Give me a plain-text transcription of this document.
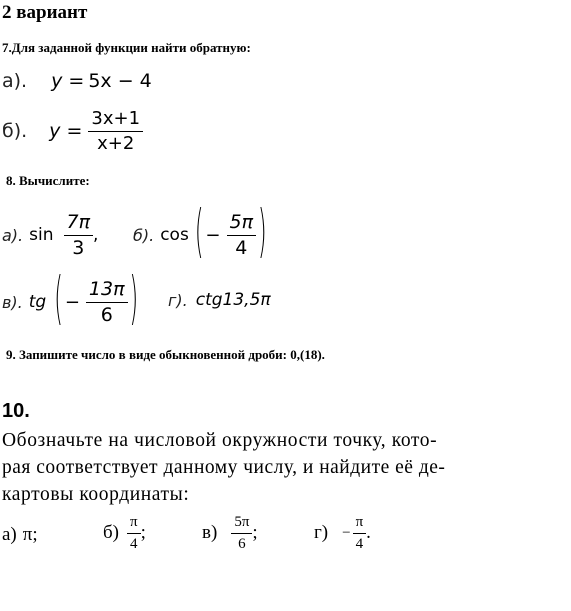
2 вариант
7.Для заданной функции найти обратную:
а). y = 5x − 4
б). $y = \frac{3x+1}{x+2}$
8. Вычислите:
а). $\sin \frac{7\pi}{3}$ , б). cos ( − $\frac{5\pi}{4}$ )
в). tg ( − $\frac{13\pi}{6}$ ) г). ctg13,5π
9. Запишите число в виде обыкновенной дроби: 0,(18).
10.
Обозначьте на числовой окружности точку, кото-
рая соответствует данному числу, и найдите её де-
картовы координаты:
а) π;	$б) \frac{\pi}{4}$ ;	$в) \frac{5\pi}{6}$ ;	$г) - \frac{\pi}{4}$ .
